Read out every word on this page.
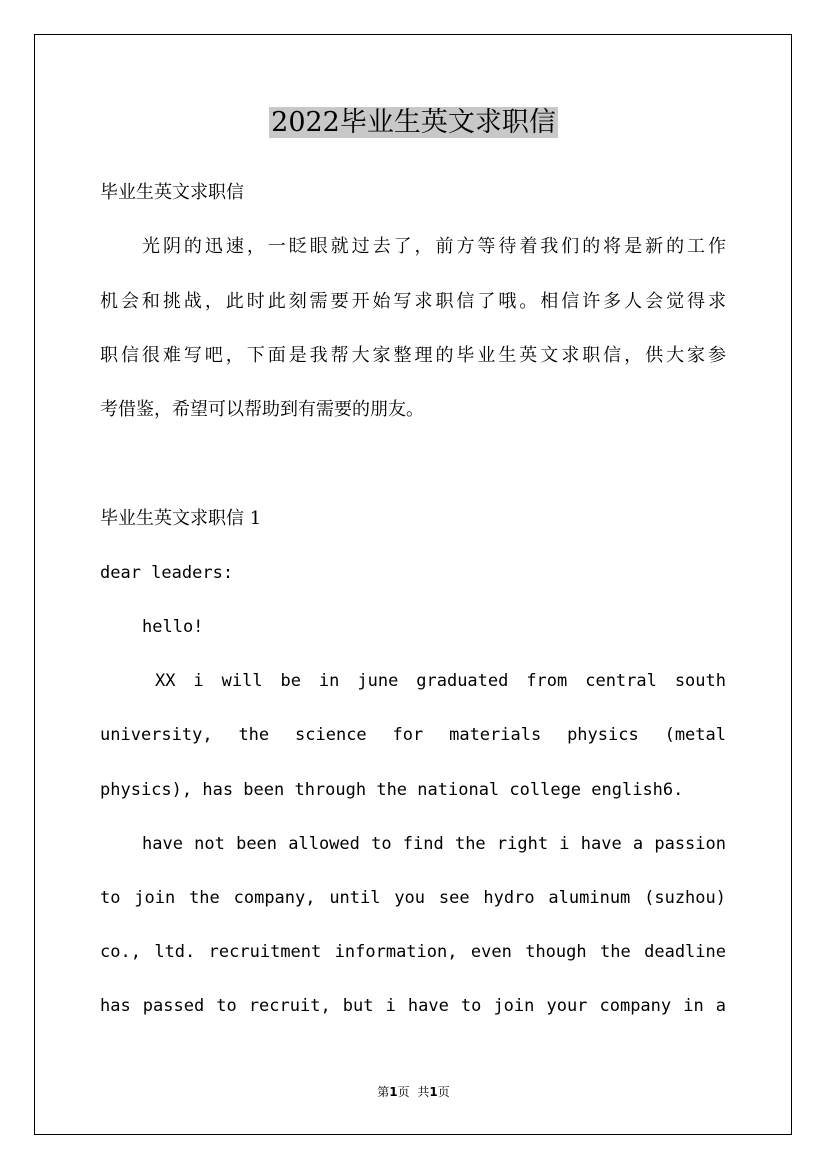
2022毕业生英文求职信
毕业生英文求职信
光阴的迅速，一眨眼就过去了，前方等待着我们的将是新的工作
机会和挑战，此时此刻需要开始写求职信了哦。相信许多人会觉得求
职信很难写吧，下面是我帮大家整理的毕业生英文求职信，供大家参
考借鉴，希望可以帮助到有需要的朋友。
毕业生英文求职信 1
dear leaders:
hello!
XX i will be in june graduated from central south
university, the science for materials physics (metal
physics), has been through the national college english6.
have not been allowed to find the right i have a passion
to join the company, until you see hydro aluminum (suzhou)
co., ltd. recruitment information, even though the deadline
has passed to recruit, but i have to join your company in a
第1页 共1页
